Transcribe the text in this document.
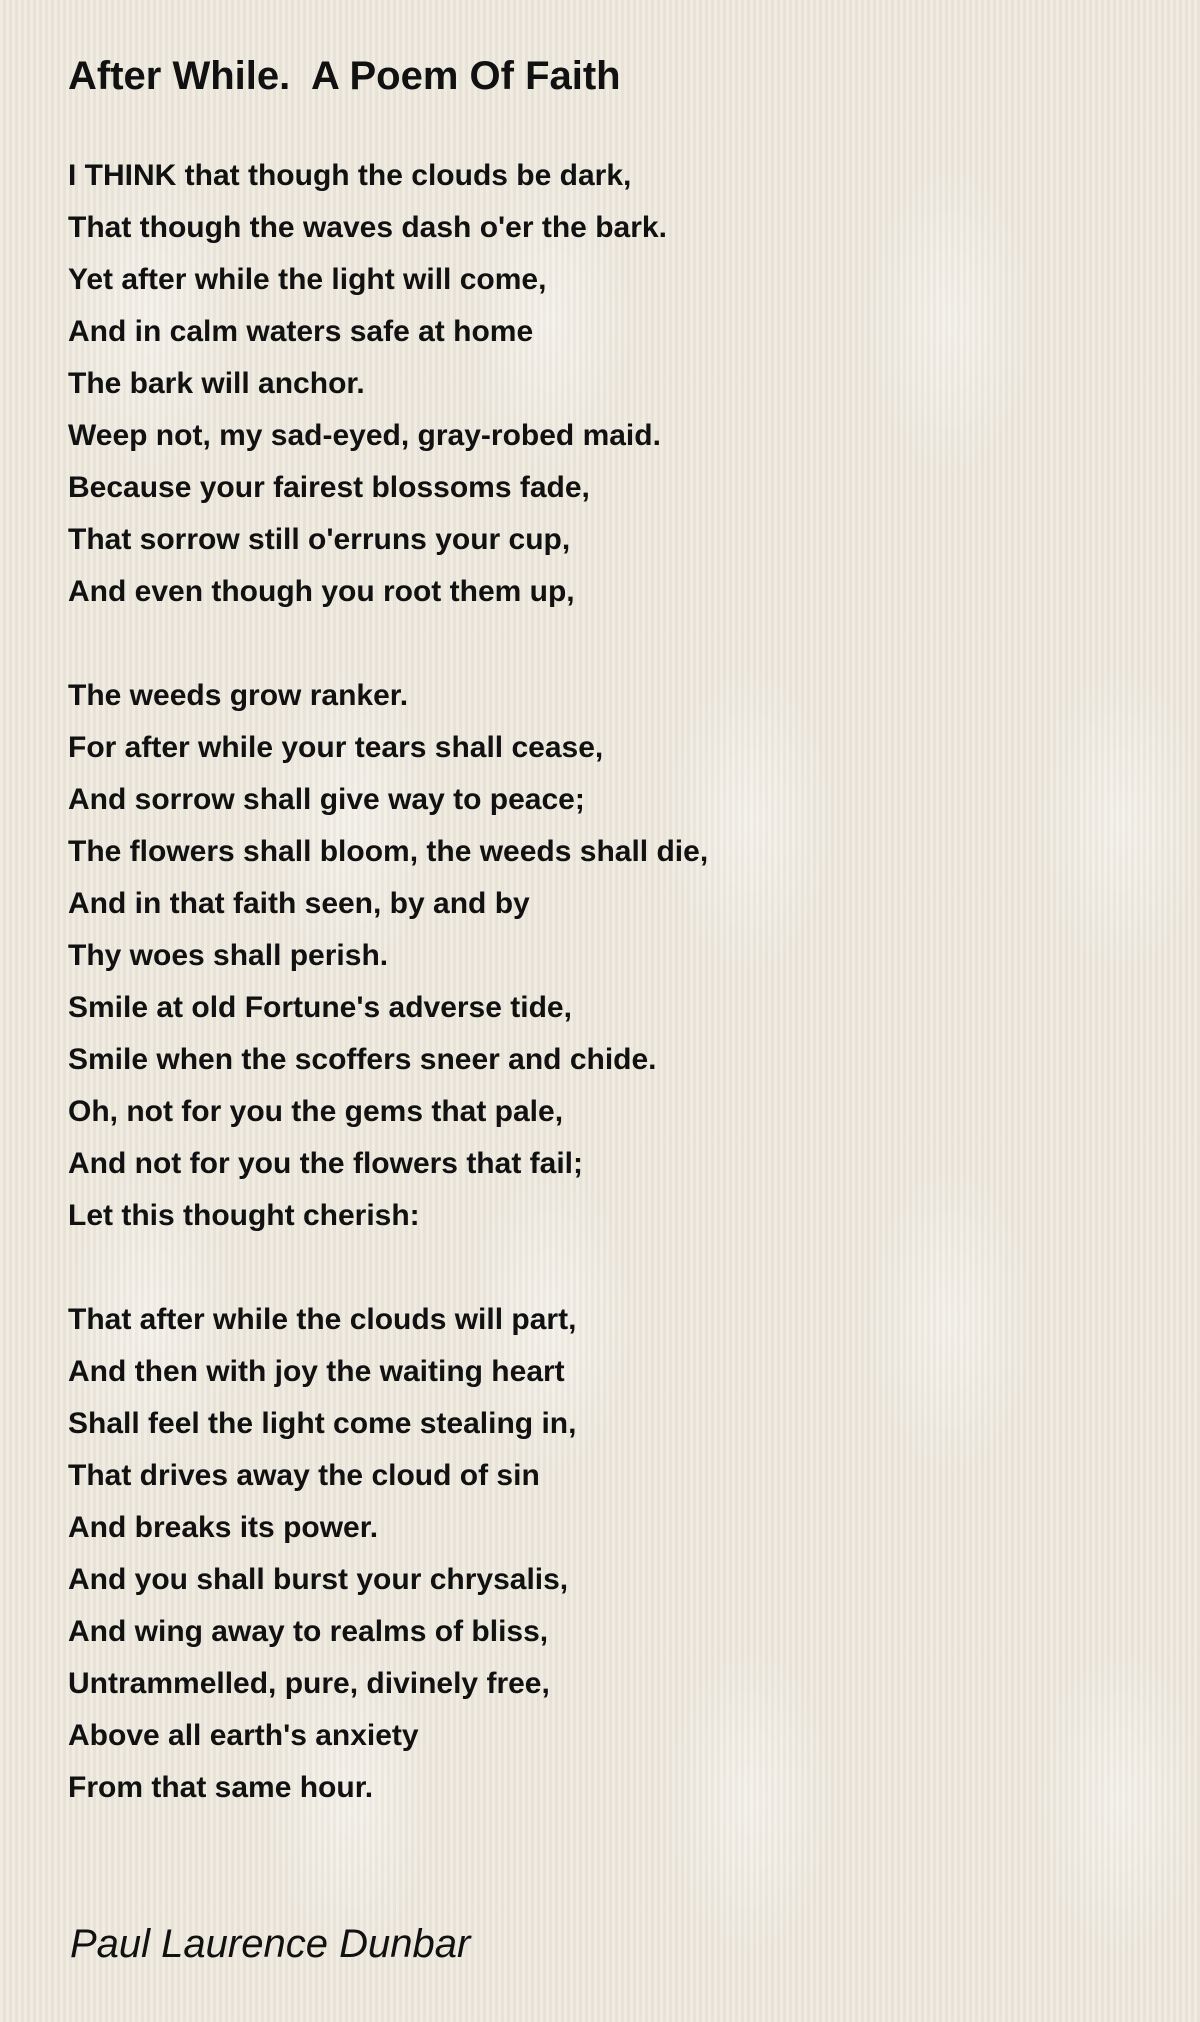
After While.  A Poem Of Faith
I THINK that though the clouds be dark,
That though the waves dash o'er the bark.
Yet after while the light will come,
And in calm waters safe at home
The bark will anchor.
Weep not, my sad-eyed, gray-robed maid.
Because your fairest blossoms fade,
That sorrow still o'erruns your cup,
And even though you root them up,
The weeds grow ranker.
For after while your tears shall cease,
And sorrow shall give way to peace;
The flowers shall bloom, the weeds shall die,
And in that faith seen, by and by
Thy woes shall perish.
Smile at old Fortune's adverse tide,
Smile when the scoffers sneer and chide.
Oh, not for you the gems that pale,
And not for you the flowers that fail;
Let this thought cherish:
That after while the clouds will part,
And then with joy the waiting heart
Shall feel the light come stealing in,
That drives away the cloud of sin
And breaks its power.
And you shall burst your chrysalis,
And wing away to realms of bliss,
Untrammelled, pure, divinely free,
Above all earth's anxiety
From that same hour.

Paul Laurence Dunbar
